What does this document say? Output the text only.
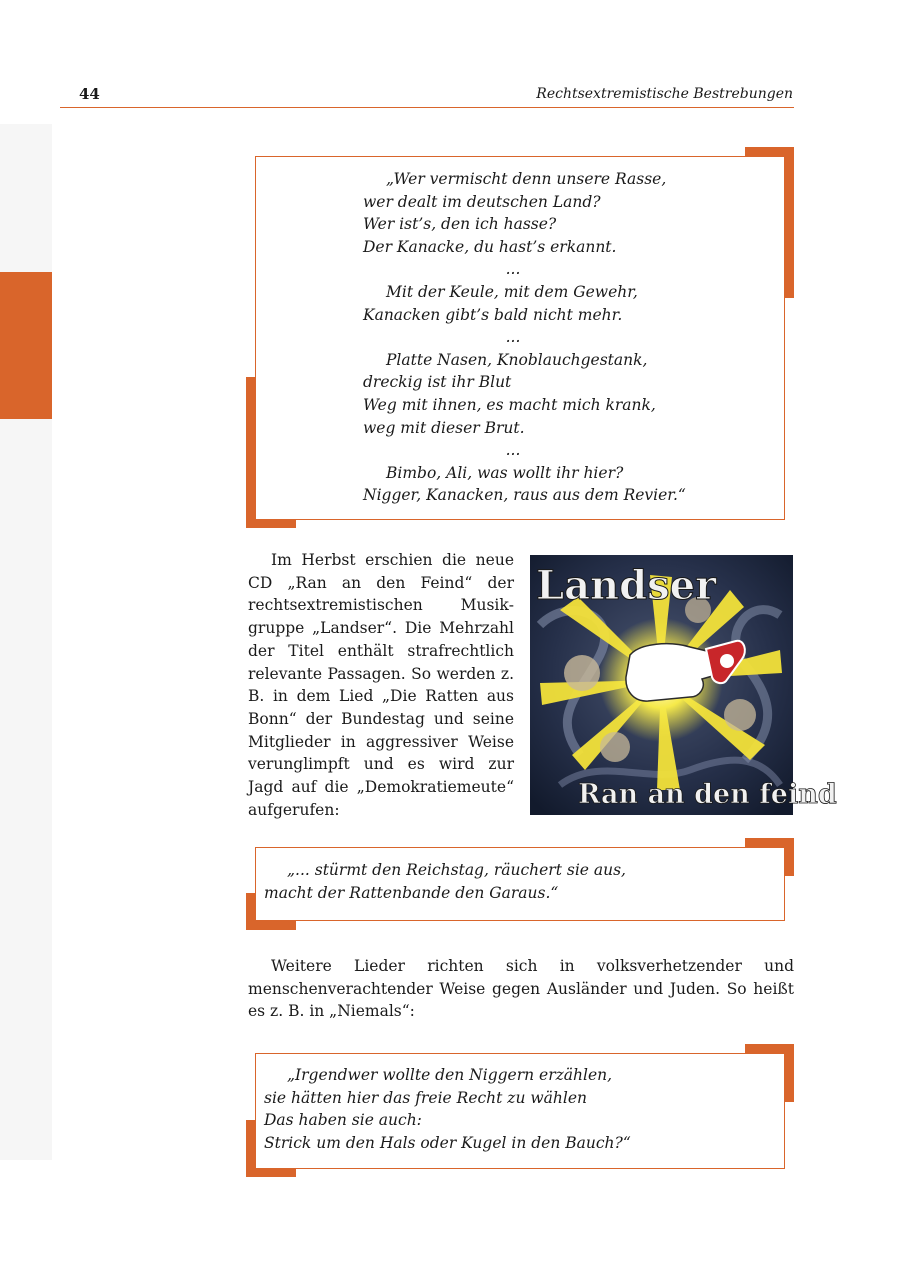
44	Rechtsextremistische Bestrebungen
„Wer vermischt denn unsere Rasse,
wer dealt im deutschen Land?
Wer ist’s, den ich hasse?
Der Kanacke, du hast’s erkannt.
...
Mit der Keule, mit dem Gewehr,
Kanacken gibt’s bald nicht mehr.
...
Platte Nasen, Knoblauchgestank,
dreckig ist ihr Blut
Weg mit ihnen, es macht mich krank,
weg mit dieser Brut.
...
Bimbo, Ali, was wollt ihr hier?
Nigger, Kanacken, raus aus dem Revier.“

Im Herbst erschien die neue CD „Ran an den Feind“ der rechtsextremistischen Musikgruppe „Landser“. Die Mehrzahl der Titel enthält strafrechtlich relevante Passagen. So werden z. B. in dem Lied „Die Ratten aus Bonn“ der Bundestag und seine Mitglieder in aggressiver Weise verunglimpft und es wird zur Jagd auf die „Demokratiemeute“ aufgerufen:

Landser
Ran an den feind
„... stürmt den Reichstag, räuchert sie aus,
macht der Rattenbande den Garaus.“

Weitere Lieder richten sich in volksverhetzender und menschenverachtender Weise gegen Ausländer und Juden. So heißt es z. B. in „Niemals“:

„Irgendwer wollte den Niggern erzählen,
sie hätten hier das freie Recht zu wählen
Das haben sie auch:
Strick um den Hals oder Kugel in den Bauch?“
